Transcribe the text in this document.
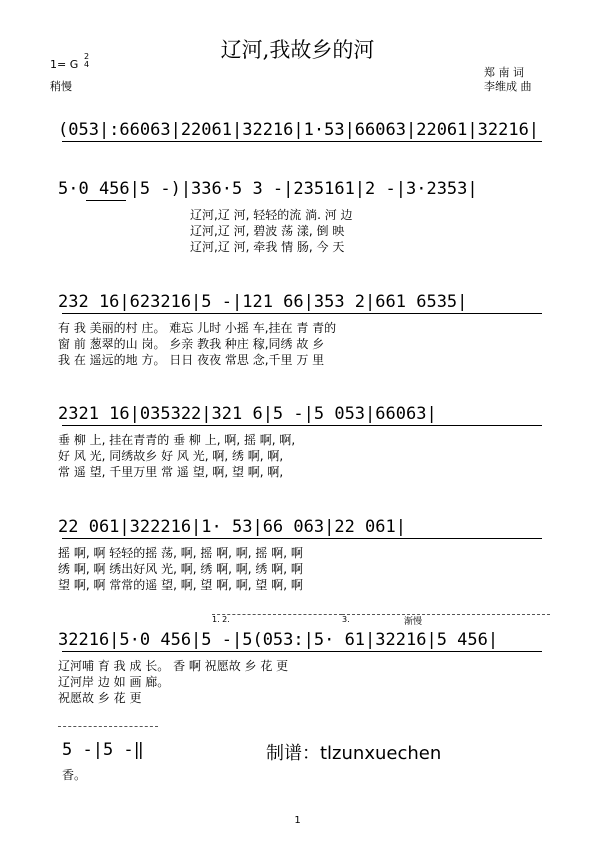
辽河,我故乡的河
1= G
2
4
稍慢
郑 南 词
李维成 曲
(053|:66063|22061|32216|1·53|66063|22061|32216|
5·0 456|5 -)|336·5 3 -|235161|2 -|3·2353|
辽河,辽 河, 轻轻的流 淌. 河 边
辽河,辽 河, 碧波 荡 漾, 倒 映
辽河,辽 河, 牵我 情 肠, 今 天
232 16|623216|5 -|121 66|353 2|661 6535|
有 我 美丽的村 庄。 难忘 儿时 小摇 车,挂在 青 青的
窗 前 葱翠的山 岗。 乡亲 教我 种庄 稼,同绣 故 乡
我 在 遥远的地 方。 日日 夜夜 常思 念,千里 万 里
2321 16|035322|321 6|5 -|5 053|66063|
垂 柳 上, 挂在青青的 垂 柳 上, 啊, 摇 啊, 啊,
好 风 光, 同绣故乡 好 风 光, 啊, 绣 啊, 啊,
常 遥 望, 千里万里 常 遥 望, 啊, 望 啊, 啊,
22 061|322216|1· 53|66 063|22 061|
摇 啊, 啊 轻轻的摇 荡, 啊, 摇 啊, 啊, 摇 啊, 啊
绣 啊, 啊 绣出好风 光, 啊, 绣 啊, 啊, 绣 啊, 啊
望 啊, 啊 常常的遥 望, 啊, 望 啊, 啊, 望 啊, 啊
1. 2.	3.	渐慢
32216|5·0 456|5 -|5(053:|5· 61|32216|5 456|
辽河哺 育 我 成 长。 香 啊 祝愿故 乡 花 更
辽河岸 边 如 画 廊。
祝愿故 乡 花 更
5 -|5 -‖
香。
制谱：tlzunxuechen
1
